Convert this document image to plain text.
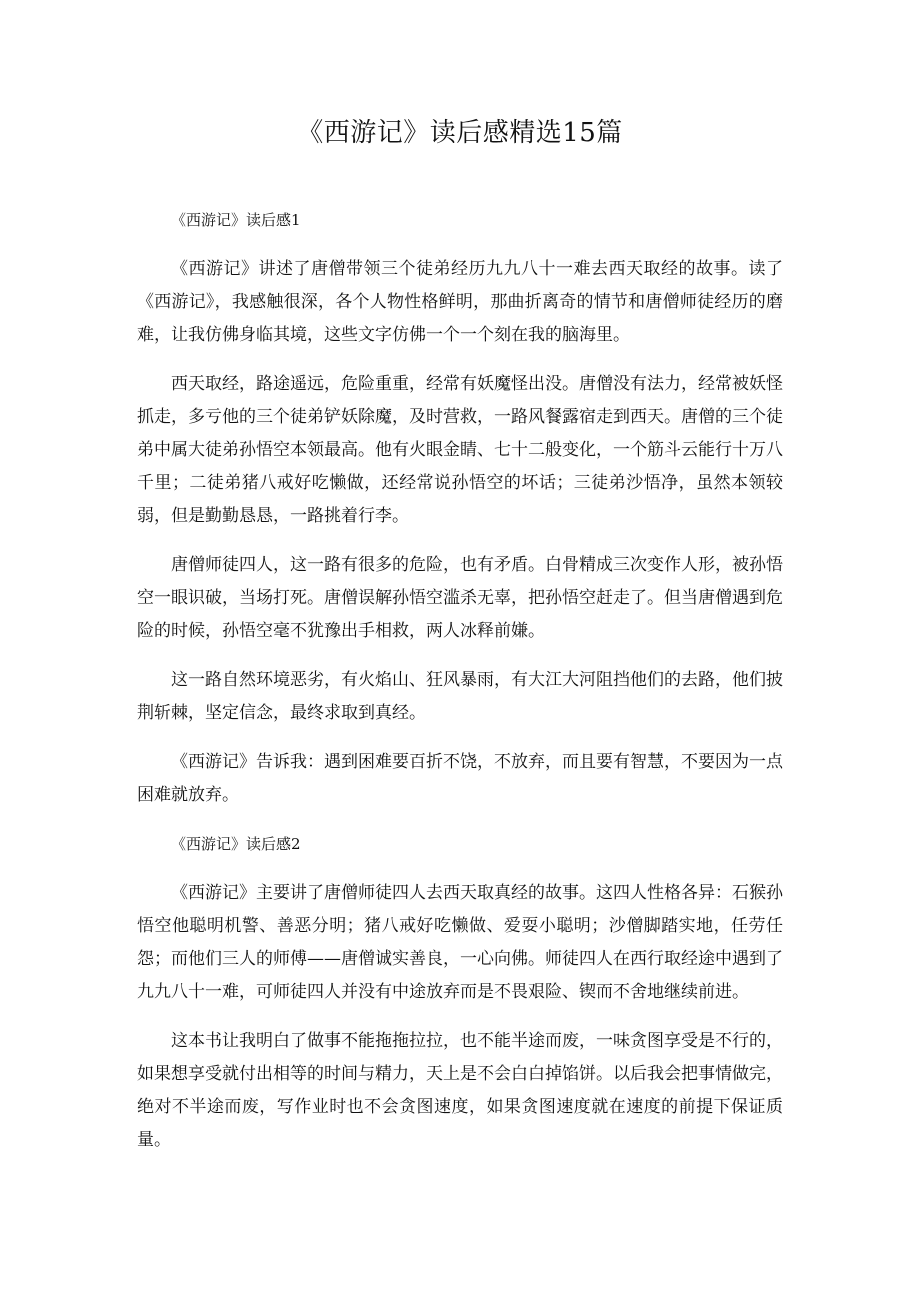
《西游记》读后感精选15篇

《西游记》读后感1

《西游记》讲述了唐僧带领三个徒弟经历九九八十一难去西天取经的故事。读了《西游记》，我感触很深，各个人物性格鲜明，那曲折离奇的情节和唐僧师徒经历的磨难，让我仿佛身临其境，这些文字仿佛一个一个刻在我的脑海里。

西天取经，路途遥远，危险重重，经常有妖魔怪出没。唐僧没有法力，经常被妖怪抓走，多亏他的三个徒弟铲妖除魔，及时营救，一路风餐露宿走到西天。唐僧的三个徒弟中属大徒弟孙悟空本领最高。他有火眼金睛、七十二般变化，一个筋斗云能行十万八千里；二徒弟猪八戒好吃懒做，还经常说孙悟空的坏话；三徒弟沙悟净，虽然本领较弱，但是勤勤恳恳，一路挑着行李。

唐僧师徒四人，这一路有很多的危险，也有矛盾。白骨精成三次变作人形，被孙悟空一眼识破，当场打死。唐僧误解孙悟空滥杀无辜，把孙悟空赶走了。但当唐僧遇到危险的时候，孙悟空毫不犹豫出手相救，两人冰释前嫌。

这一路自然环境恶劣，有火焰山、狂风暴雨，有大江大河阻挡他们的去路，他们披荆斩棘，坚定信念，最终求取到真经。

《西游记》告诉我：遇到困难要百折不饶，不放弃，而且要有智慧，不要因为一点困难就放弃。

《西游记》读后感2

《西游记》主要讲了唐僧师徒四人去西天取真经的故事。这四人性格各异：石猴孙悟空他聪明机警、善恶分明；猪八戒好吃懒做、爱耍小聪明；沙僧脚踏实地，任劳任怨；而他们三人的师傅——唐僧诚实善良，一心向佛。师徒四人在西行取经途中遇到了九九八十一难，可师徒四人并没有中途放弃而是不畏艰险、锲而不舍地继续前进。

这本书让我明白了做事不能拖拖拉拉，也不能半途而废，一味贪图享受是不行的，如果想享受就付出相等的时间与精力，天上是不会白白掉馅饼。以后我会把事情做完，绝对不半途而废，写作业时也不会贪图速度，如果贪图速度就在速度的前提下保证质量。
